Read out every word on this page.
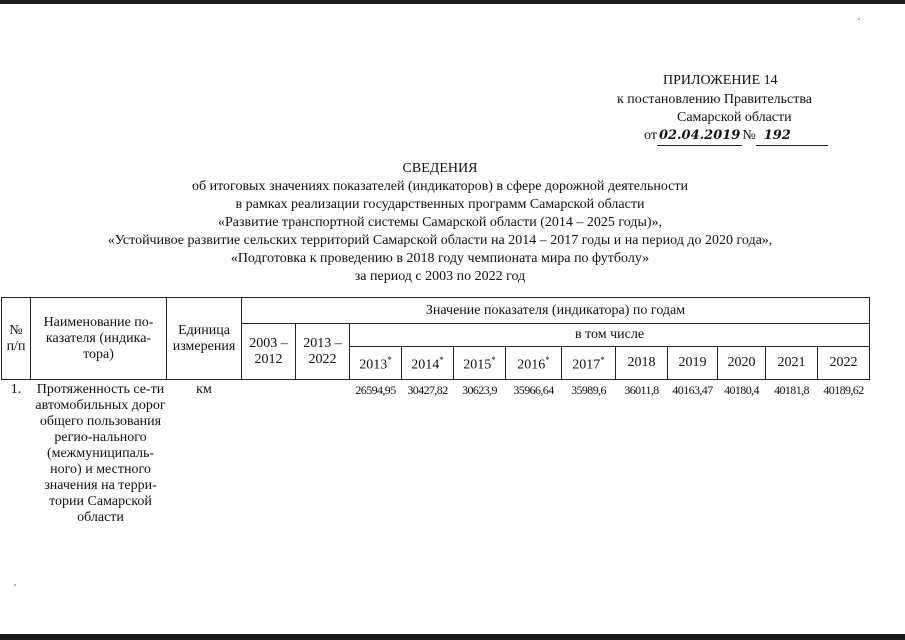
ПРИЛОЖЕНИЕ 14
к постановлению Правительства
Самарской области
от 02.04.2019 № 192
СВЕДЕНИЯ
об итоговых значениях показателей (индикаторов) в сфере дорожной деятельности
в рамках реализации государственных программ Самарской области
«Развитие транспортной системы Самарской области (2014 – 2025 годы)»,
«Устойчивое развитие сельских территорий Самарской области на 2014 – 2017 годы и на период до 2020 года»,
«Подготовка к проведению в 2018 году чемпионата мира по футболу»
за период с 2003 по 2022 год
№ п/п	Наименование по-казателя (индика-тора)	Единица измерения	Значение показателя (индикатора) по годам											
			2003 – 2012	2013 – 2022	в том числе									
					2013*	2014*	2015*	2016*	2017*	2018	2019	2020	2021	2022
1.	Протяженность се-ти автомобильных дорог общего пользования регио-нального (межмуниципаль-ного) и местного значения на терри-тории Самарской области	км			26594,95	30427,82	30623,9	35966,64	35989,6	36011,8	40163,47	40180,4	40181,8	40189,62
